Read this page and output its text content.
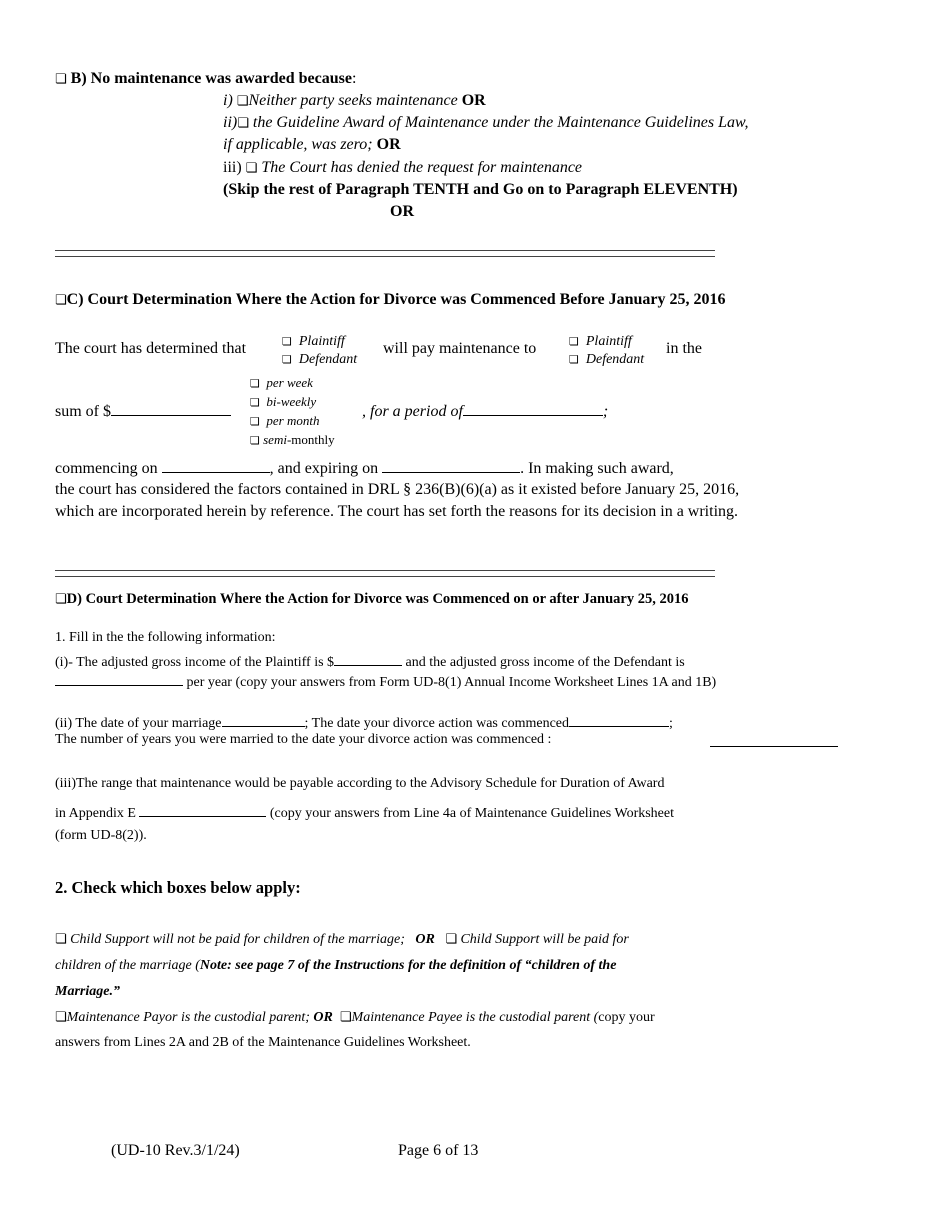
❏ B) No maintenance was awarded because:
i) ❏Neither party seeks maintenance OR
ii)❏ the Guideline Award of Maintenance under the Maintenance Guidelines Law,
if applicable, was zero; OR
iii) ❏ The Court has denied the request for maintenance
(Skip the rest of Paragraph TENTH and Go on to Paragraph ELEVENTH)
OR
❏C) Court Determination Where the Action for Divorce was Commenced Before January 25, 2016
The court has determined that	❏ Plaintiff
❏ Defendant
will pay maintenance to	❏ Plaintiff
❏ Defendant
in the
sum of $
❏ per week
❏ bi-weekly
❏ per month
❏ semi-monthly
, for a period of	;
commencing on	, and expiring on	. In making such award,
the court has considered the factors contained in DRL § 236(B)(6)(a) as it existed before January 25, 2016,
which are incorporated herein by reference. The court has set forth the reasons for its decision in a writing.
❏D) Court Determination Where the Action for Divorce was Commenced on or after January 25, 2016
1. Fill in the the following information:
(i)- The adjusted gross income of the Plaintiff is $	and the adjusted gross income of the Defendant is
per year (copy your answers from Form UD-8(1) Annual Income Worksheet Lines 1A and 1B)
(ii) The date of your marriage	; The date your divorce action was commenced	;
The number of years you were married to the date your divorce action was commenced :
(iii)The range that maintenance would be payable according to the Advisory Schedule for Duration of Award
in Appendix E	(copy your answers from Line 4a of Maintenance Guidelines Worksheet
(form UD-8(2)).
2. Check which boxes below apply:
❏ Child Support will not be paid for children of the marriage; OR ❏ Child Support will be paid for
children of the marriage (Note: see page 7 of the Instructions for the definition of “children of the
Marriage.”
❏Maintenance Payor is the custodial parent; OR ❏Maintenance Payee is the custodial parent (copy your
answers from Lines 2A and 2B of the Maintenance Guidelines Worksheet.
(UD-10 Rev.3/1/24)	Page 6 of 13
